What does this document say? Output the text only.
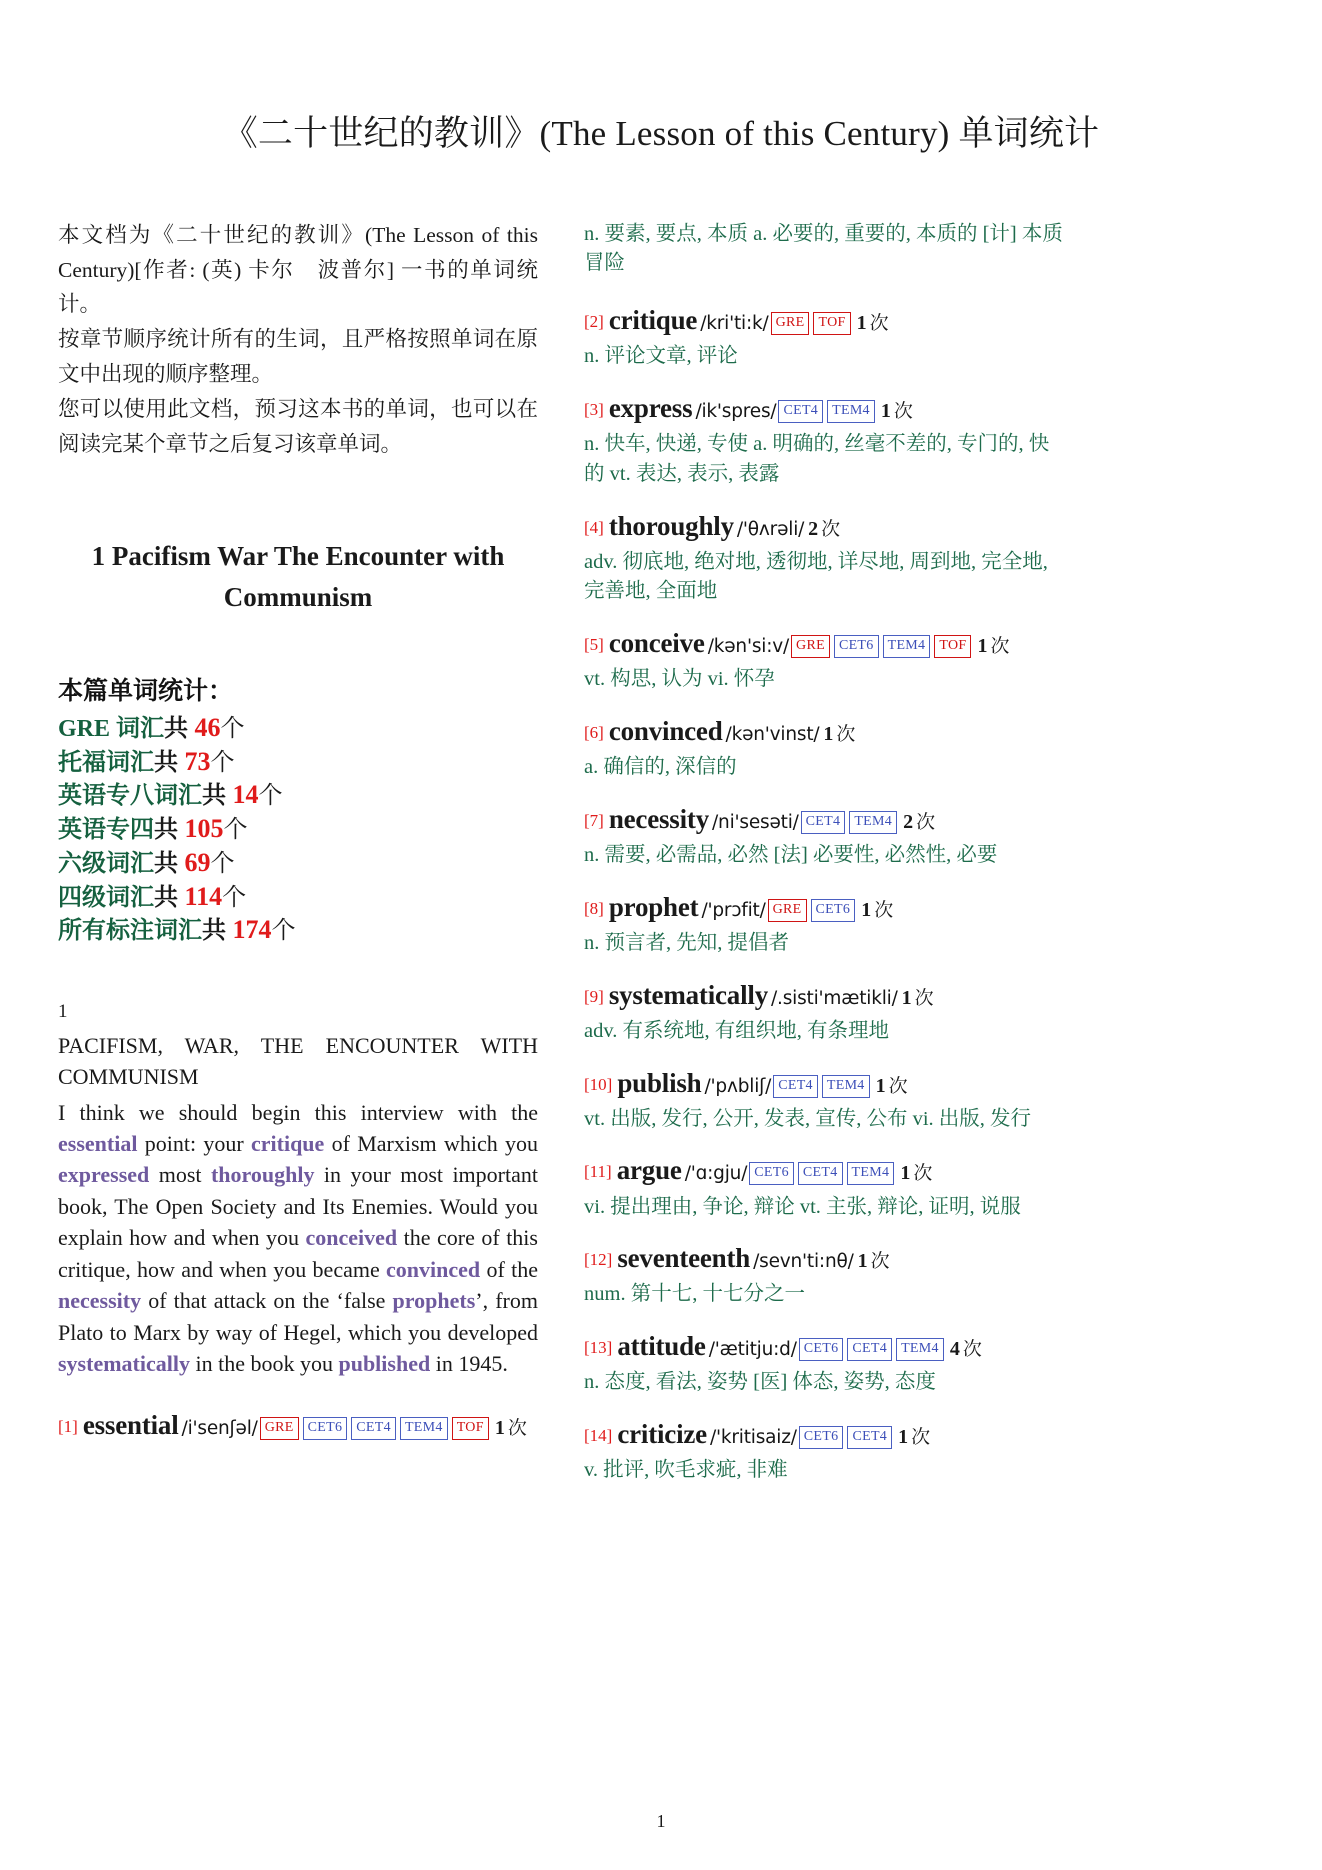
《二十世纪的教训》(The Lesson of this Century) 单词统计

本文档为《二十世纪的教训》(The Lesson of this Century)[作者: (英) 卡尔　波普尔] 一书的单词统计。

按章节顺序统计所有的生词，且严格按照单词在原文中出现的顺序整理。

您可以使用此文档，预习这本书的单词，也可以在阅读完某个章节之后复习该章单词。

1 Pacifism War The Encounter with Communism
本篇单词统计：
GRE 词汇共 46个
托福词汇共 73个
英语专八词汇共 14个
英语专四共 105个
六级词汇共 69个
四级词汇共 114个
所有标注词汇共 174个
1
PACIFISM, WAR, THE ENCOUNTER WITH COMMUNISM
I think we should begin this interview with the essential point: your critique of Marxism which you expressed most thoroughly in your most important book, The Open Society and Its Enemies. Would you explain how and when you conceived the core of this critique, how and when you became convinced of the necessity of that attack on the ‘false prophets’, from Plato to Marx by way of Hegel, which you developed systematically in the book you published in 1945.
[1] essential /i'senʃəl/ GRE CET6 CET4 TEM4 TOF 1 次
n. 要素, 要点, 本质 a. 必要的, 重要的, 本质的 [计] 本质冒险
[2] critique /kri'ti:k/ GRE TOF 1 次
n. 评论文章, 评论
[3] express /ik'spres/ CET4 TEM4 1 次
n. 快车, 快递, 专使 a. 明确的, 丝毫不差的, 专门的, 快的 vt. 表达, 表示, 表露
[4] thoroughly /'θʌrəli/ 2 次
adv. 彻底地, 绝对地, 透彻地, 详尽地, 周到地, 完全地, 完善地, 全面地
[5] conceive /kən'si:v/ GRE CET6 TEM4 TOF 1 次
vt. 构思, 认为 vi. 怀孕
[6] convinced /kən'vinst/ 1 次
a. 确信的, 深信的
[7] necessity /ni'sesəti/ CET4 TEM4 2 次
n. 需要, 必需品, 必然 [法] 必要性, 必然性, 必要
[8] prophet /'prɔfit/ GRE CET6 1 次
n. 预言者, 先知, 提倡者
[9] systematically /.sisti'mætikli/ 1 次
adv. 有系统地, 有组织地, 有条理地
[10] publish /'pʌbliʃ/ CET4 TEM4 1 次
vt. 出版, 发行, 公开, 发表, 宣传, 公布 vi. 出版, 发行
[11] argue /'ɑ:gju/ CET6 CET4 TEM4 1 次
vi. 提出理由, 争论, 辩论 vt. 主张, 辩论, 证明, 说服
[12] seventeenth /sevn'ti:nθ/ 1 次
num. 第十七, 十七分之一
[13] attitude /'ætitju:d/ CET6 CET4 TEM4 4 次
n. 态度, 看法, 姿势 [医] 体态, 姿势, 态度
[14] criticize /'kritisaiz/ CET6 CET4 1 次
v. 批评, 吹毛求疵, 非难
1
